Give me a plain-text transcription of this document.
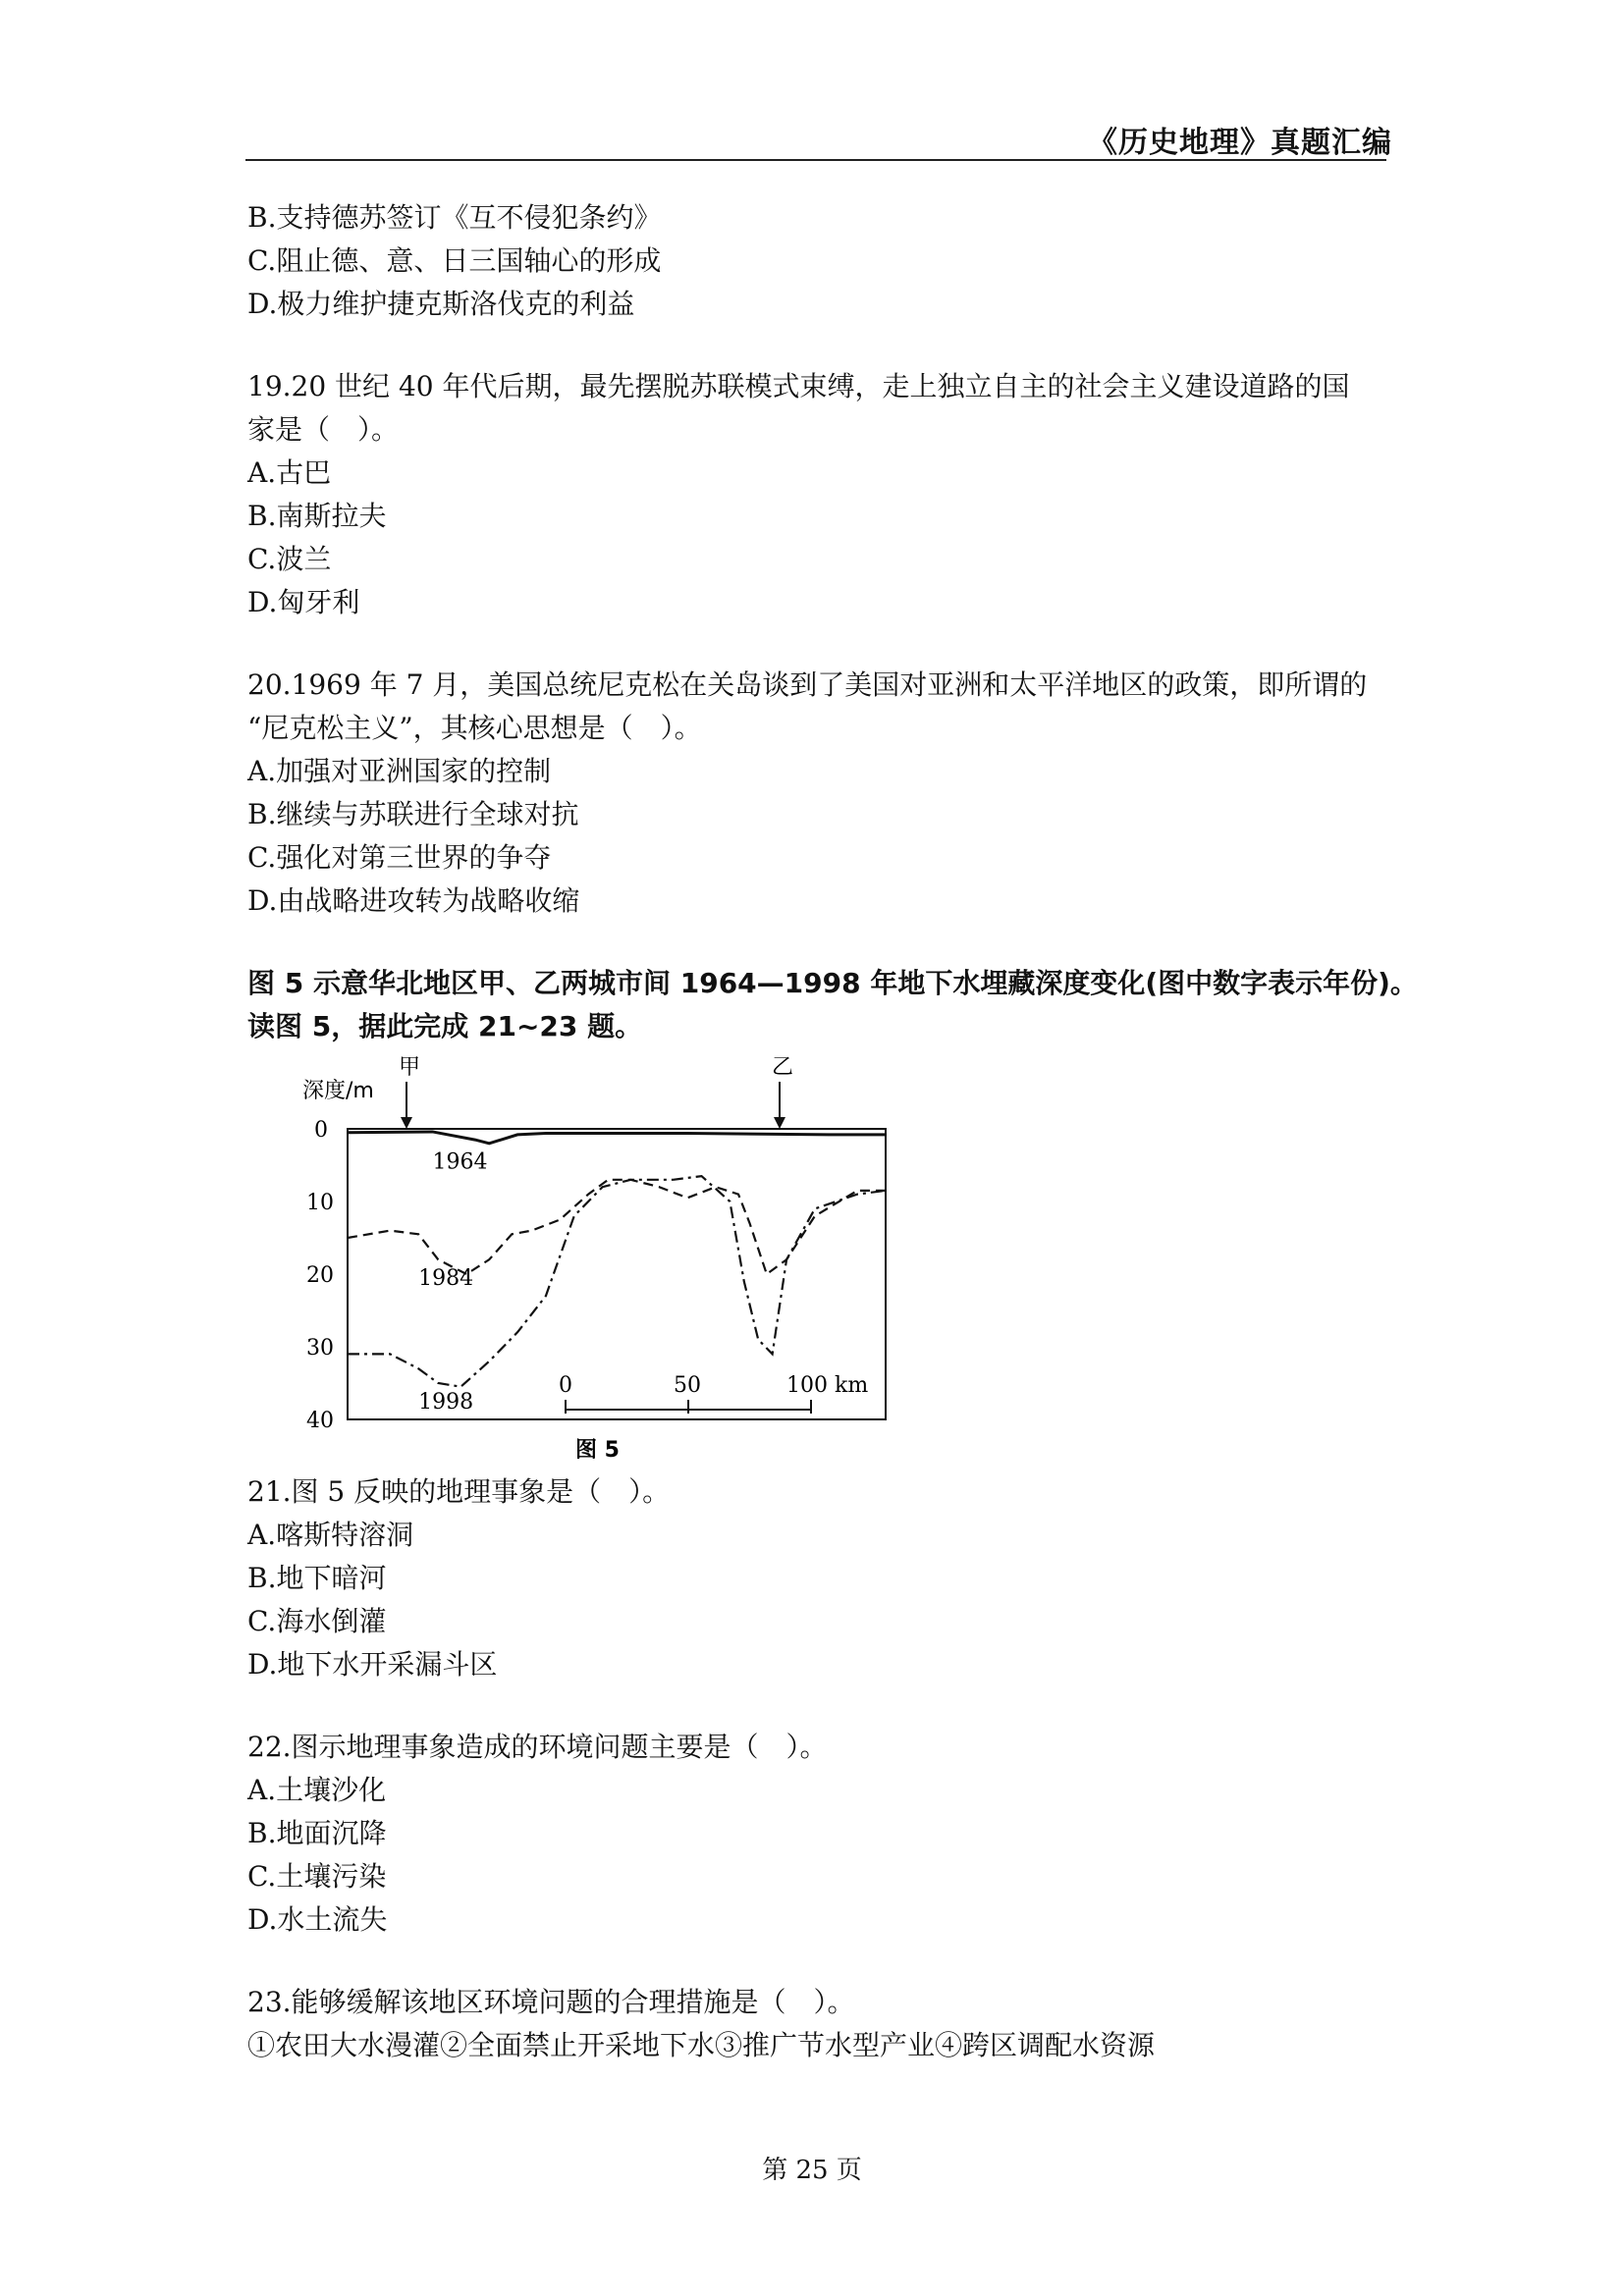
《历史地理》真题汇编
B.支持德苏签订《互不侵犯条约》
C.阻止德、意、日三国轴心的形成
D.极力维护捷克斯洛伐克的利益
19.20 世纪 40 年代后期，最先摆脱苏联模式束缚，走上独立自主的社会主义建设道路的国
家是（　）。
A.古巴
B.南斯拉夫
C.波兰
D.匈牙利
20.1969 年 7 月，美国总统尼克松在关岛谈到了美国对亚洲和太平洋地区的政策，即所谓的
“尼克松主义”，其核心思想是（　）。
A.加强对亚洲国家的控制
B.继续与苏联进行全球对抗
C.强化对第三世界的争夺
D.由战略进攻转为战略收缩
图 5 示意华北地区甲、乙两城市间 1964—1998 年地下水埋藏深度变化(图中数字表示年份)。
读图 5，据此完成 21~23 题。
深度/m
甲	乙
0
10
20
30
40
1964
1984
1998
0	50	100 km
图 5
21.图 5 反映的地理事象是（　）。
A.喀斯特溶洞
B.地下暗河
C.海水倒灌
D.地下水开采漏斗区
22.图示地理事象造成的环境问题主要是（　）。
A.土壤沙化
B.地面沉降
C.土壤污染
D.水土流失
23.能够缓解该地区环境问题的合理措施是（　）。
①农田大水漫灌②全面禁止开采地下水③推广节水型产业④跨区调配水资源
第 25 页
